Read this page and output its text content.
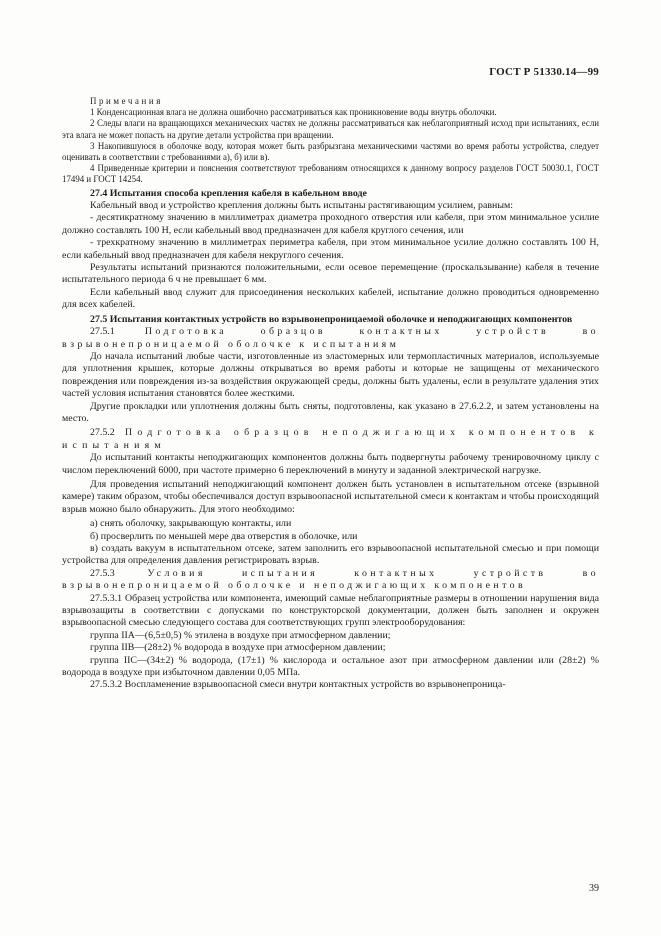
ГОСТ Р 51330.14—99

Примечания

1 Конденсационная влага не должна ошибочно рассматриваться как проникновение воды внутрь оболочки.

2 Следы влаги на вращающихся механических частях не должны рассматриваться как неблагоприятный исход при испытаниях, если эта влага не может попасть на другие детали устройства при вращении.

3 Накопившуюся в оболочке воду, которая может быть разбрызгана механическими частями во время работы устройства, следует оценивать в соответствии с требованиями а), б) или в).

4 Приведенные критерии и пояснения соответствуют требованиям относящихся к данному вопросу разделов ГОСТ 50030.1, ГОСТ 17494 и ГОСТ 14254.

27.4 Испытания способа крепления кабеля в кабельном вводе

Кабельный ввод и устройство крепления должны быть испытаны растягивающим усилием, равным:

- десятикратному значению в миллиметрах диаметра проходного отверстия или кабеля, при этом минимальное усилие должно составлять 100 Н, если кабельный ввод предназначен для кабеля круглого сечения, или

- трехкратному значению в миллиметрах периметра кабеля, при этом минимальное усилие должно составлять 100 Н, если кабельный ввод предназначен для кабеля некруглого сечения.

Результаты испытаний признаются положительными, если осевое перемещение (проскальзывание) кабеля в течение испытательного периода 6 ч не превышает 6 мм.

Если кабельный ввод служит для присоединения нескольких кабелей, испытание должно проводиться одновременно для всех кабелей.

27.5 Испытания контактных устройств во взрывонепроницаемой оболочке и неподжигающих компонентов

27.5.1	Подготовка образцов контактных устройств во взрывонепроницаемой оболочке к испытаниям

До начала испытаний любые части, изготовленные из эластомерных или термопластичных материалов, используемые для уплотнения крышек, которые должны открываться во время работы и которые не защищены от механического повреждения или повреждения из-за воздействия окружающей среды, должны быть удалены, если в результате удаления этих частей условия испытания становятся более жесткими.

Другие прокладки или уплотнения должны быть сняты, подготовлены, как указано в 27.6.2.2, и затем установлены на место.

27.5.2 Подготовка образцов неподжигающих компонентов к испытаниям

До испытаний контакты неподжигающих компонентов должны быть подвергнуты рабочему тренировочному циклу с числом переключений 6000, при частоте примерно 6 переключений в минуту и заданной электрической нагрузке.

Для проведения испытаний неподжигающий компонент должен быть установлен в испытательном отсеке (взрывной камере) таким образом, чтобы обеспечивался доступ взрывоопасной испытательной смеси к контактам и чтобы происходящий взрыв можно было обнаружить. Для этого необходимо:

а) снять оболочку, закрывающую контакты, или

б) просверлить по меньшей мере два отверстия в оболочке, или

в) создать вакуум в испытательном отсеке, затем заполнить его взрывоопасной испытательной смесью и при помощи устройства для определения давления регистрировать взрыв.

27.5.3	Условия испытания контактных устройств во взрывонепроницаемой оболочке и неподжигающих компонентов

27.5.3.1 Образец устройства или компонента, имеющий самые неблагоприятные размеры в отношении нарушения вида взрывозащиты в соответствии с допусками по конструкторской документации, должен быть заполнен и окружен взрывоопасной смесью следующего состава для соответствующих групп электрооборудования:

группа IIA—(6,5±0,5) % этилена в воздухе при атмосферном давлении;

группа IIB—(28±2) % водорода в воздухе при атмосферном давлении;

группа IIC—(34±2) % водорода, (17±1) % кислорода и остальное азот при атмосферном давлении или (28±2) % водорода в воздухе при избыточном давлении 0,05 МПа.

27.5.3.2 Воспламенение взрывоопасной смеси внутри контактных устройств во взрывонепроница-

39
